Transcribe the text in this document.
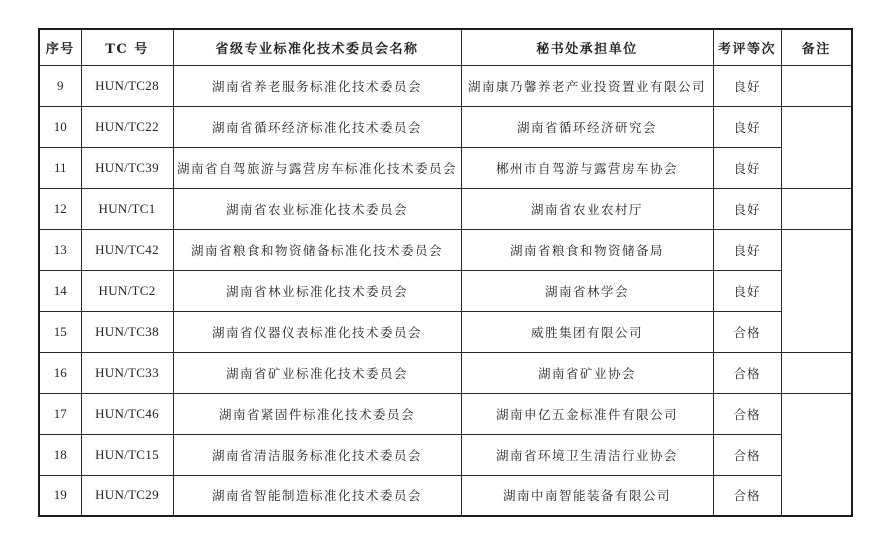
序号	TC 号	省级专业标准化技术委员会名称	秘书处承担单位	考评等次	备注
9	HUN/TC28	湖南省养老服务标准化技术委员会	湖南康乃馨养老产业投资置业有限公司	良好	
10	HUN/TC22	湖南省循环经济标准化技术委员会	湖南省循环经济研究会	良好	
11	HUN/TC39	湖南省自驾旅游与露营房车标准化技术委员会	郴州市自驾游与露营房车协会	良好	
12	HUN/TC1	湖南省农业标准化技术委员会	湖南省农业农村厅	良好	
13	HUN/TC42	湖南省粮食和物资储备标准化技术委员会	湖南省粮食和物资储备局	良好	
14	HUN/TC2	湖南省林业标准化技术委员会	湖南省林学会	良好	
15	HUN/TC38	湖南省仪器仪表标准化技术委员会	威胜集团有限公司	合格	
16	HUN/TC33	湖南省矿业标准化技术委员会	湖南省矿业协会	合格	
17	HUN/TC46	湖南省紧固件标准化技术委员会	湖南申亿五金标准件有限公司	合格	
18	HUN/TC15	湖南省清洁服务标准化技术委员会	湖南省环境卫生清洁行业协会	合格	
19	HUN/TC29	湖南省智能制造标准化技术委员会	湖南中南智能装备有限公司	合格	
